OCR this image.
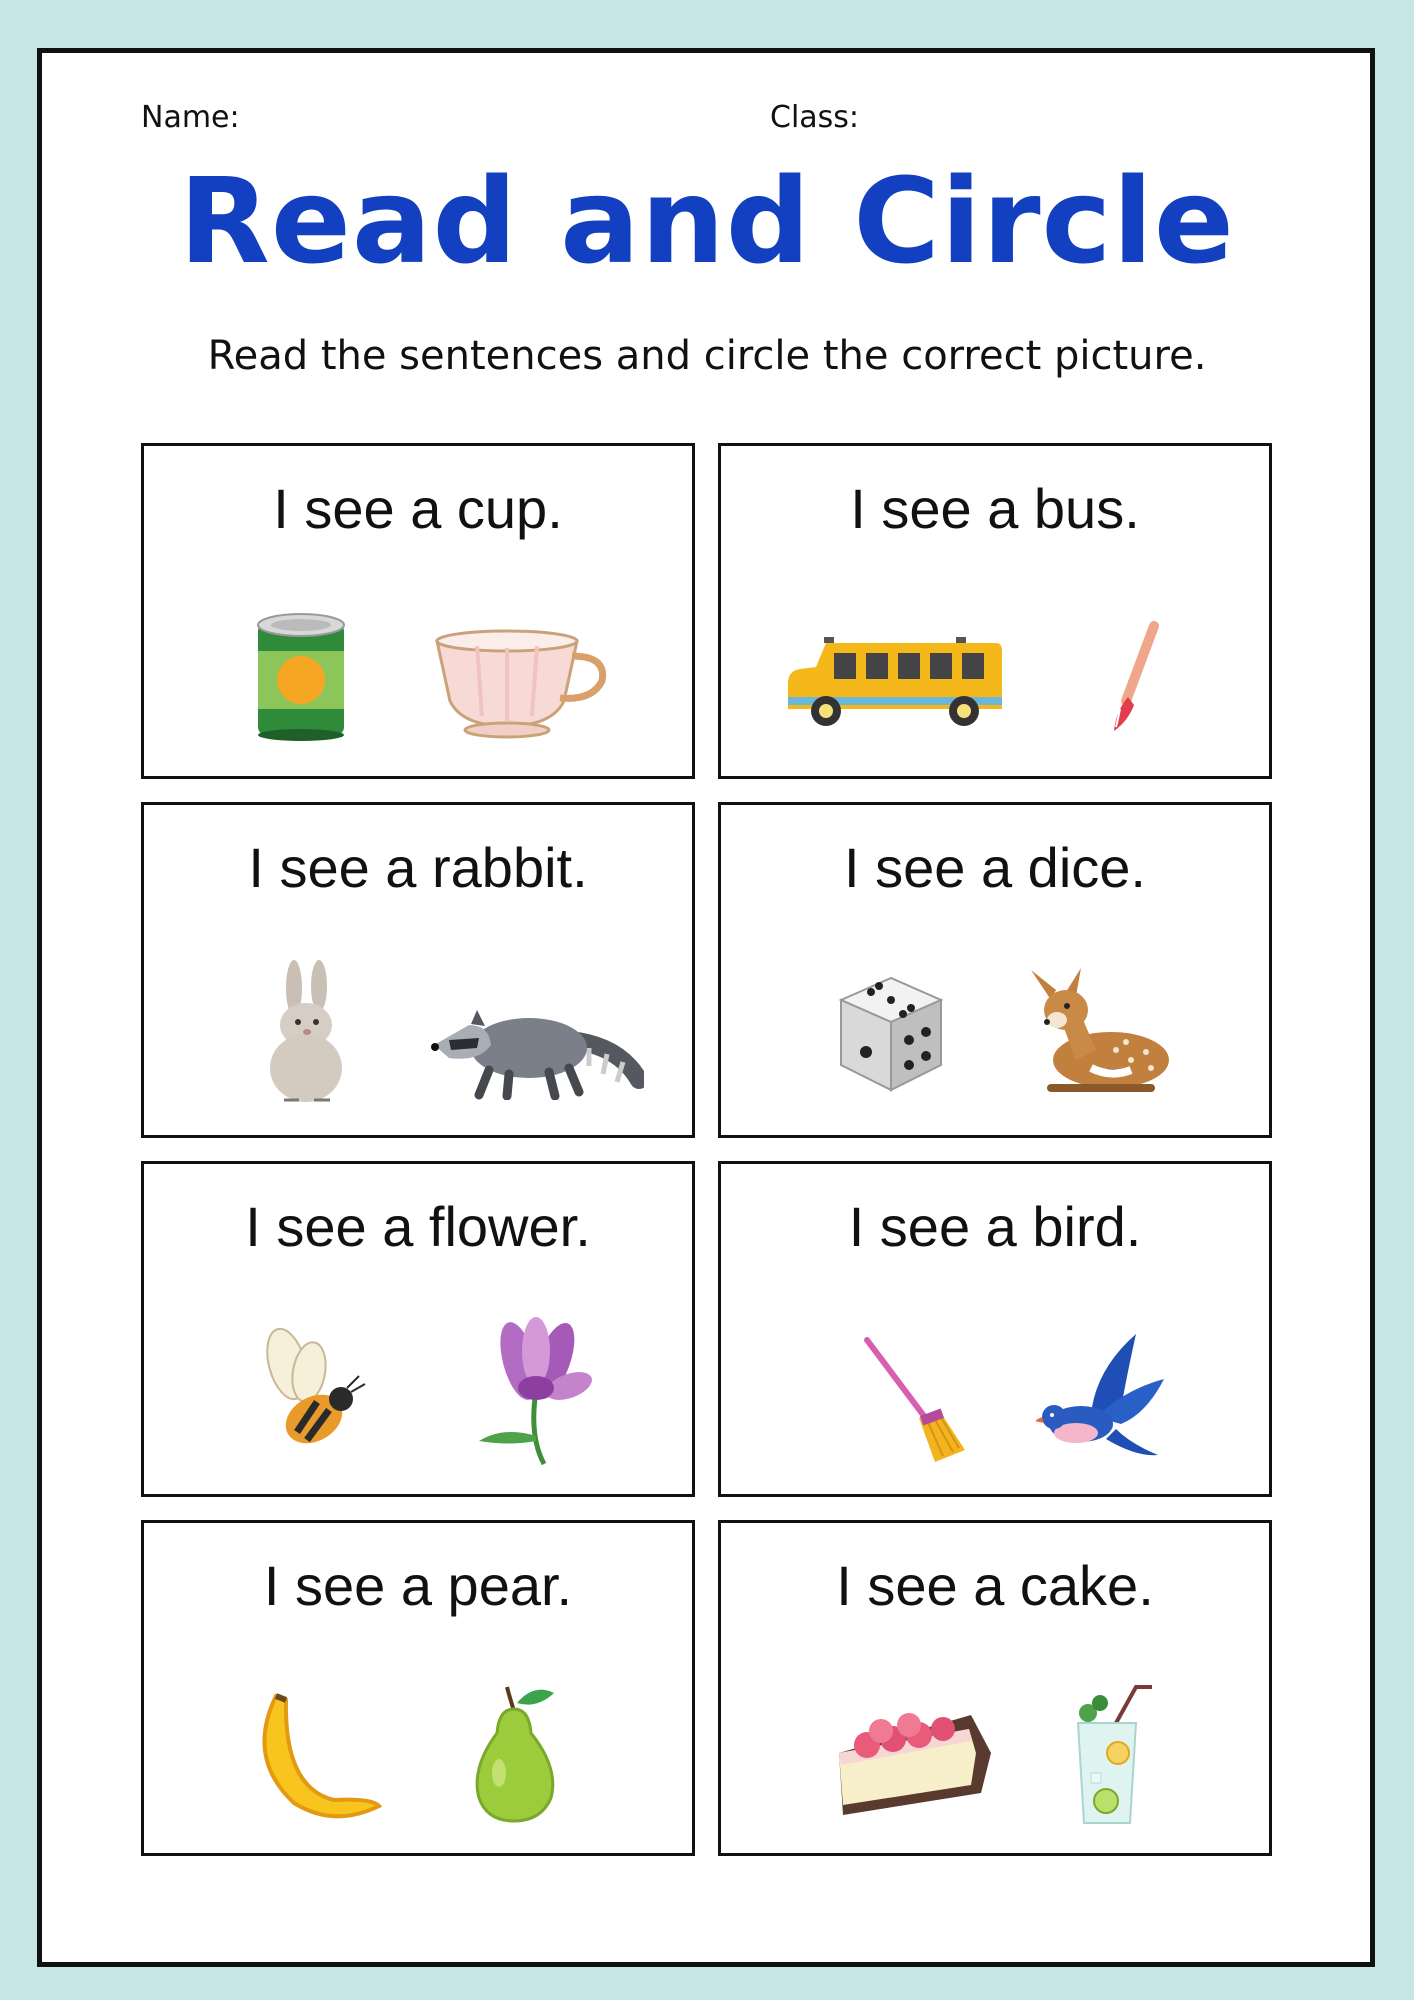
Name:	Class:
Read and Circle
Read the sentences and circle the correct picture.
I see a cup.	I see a bus.
I see a rabbit.	I see a dice.
I see a flower.	I see a bird.
I see a pear.	I see a cake.
